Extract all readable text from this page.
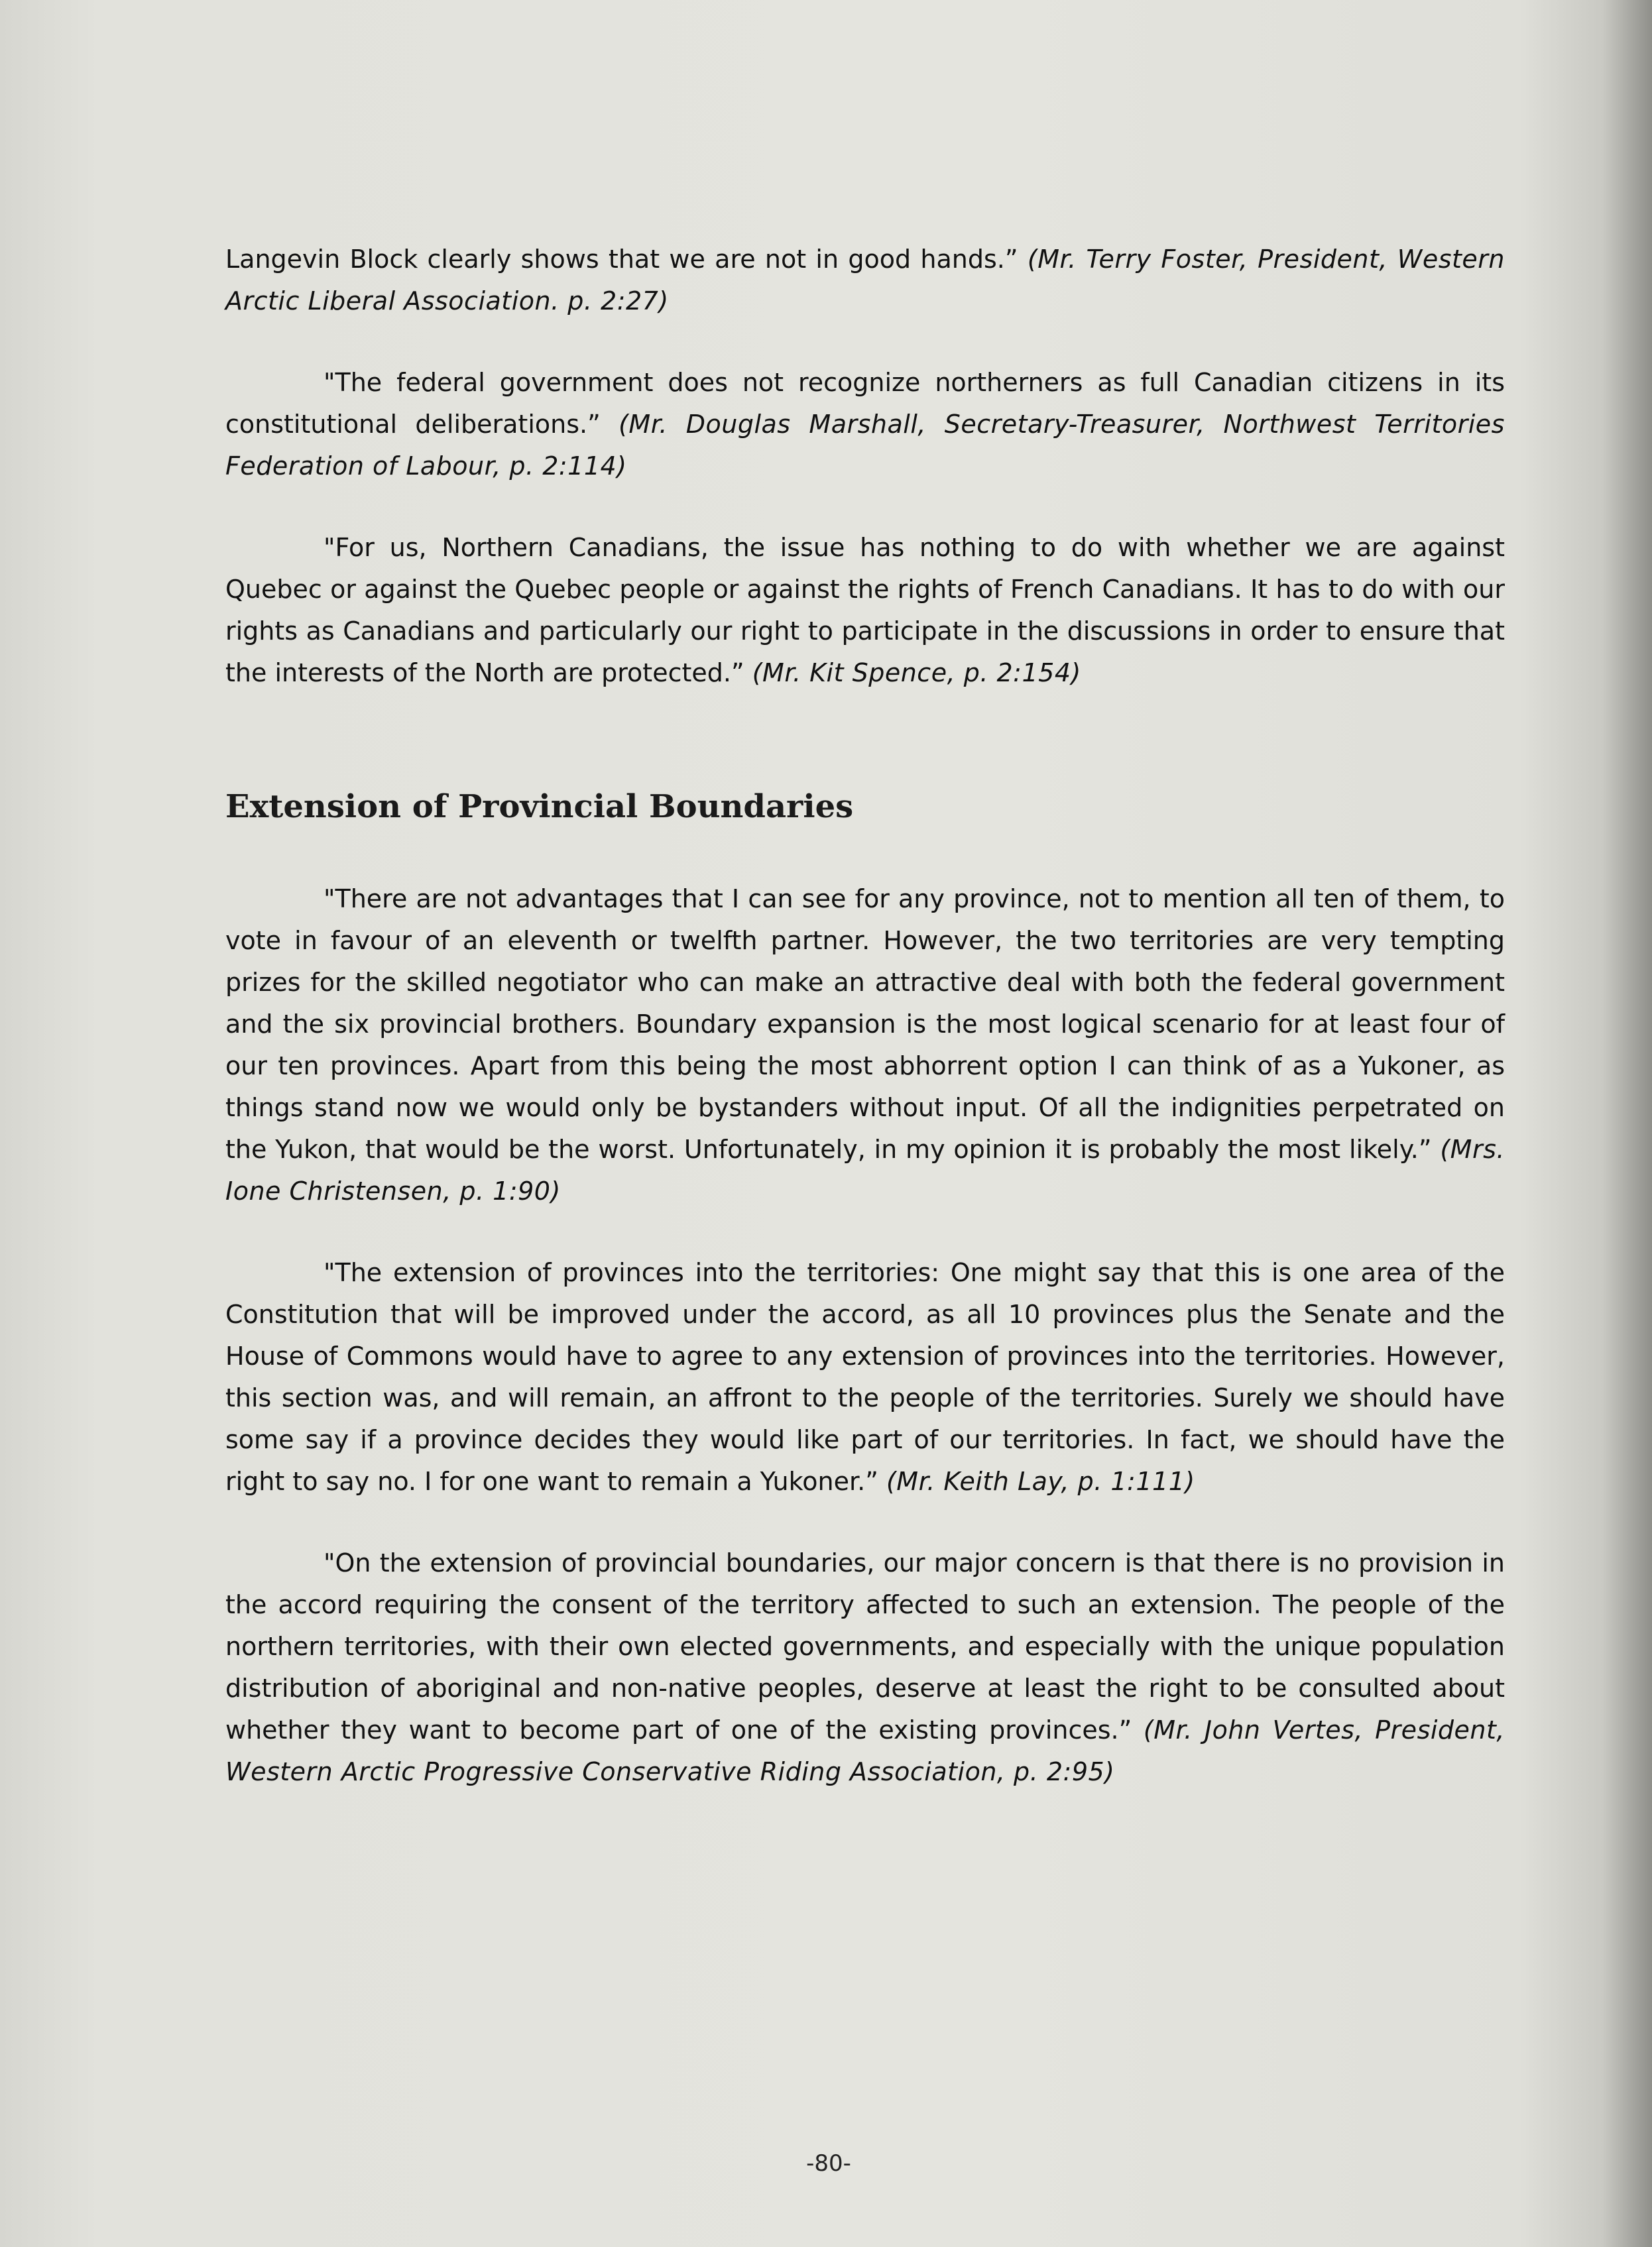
Langevin Block clearly shows that we are not in good hands.” (Mr. Terry Foster, President, Western Arctic Liberal Association. p. 2:27)

"The federal government does not recognize northerners as full Canadian citizens in its constitutional deliberations.” (Mr. Douglas Marshall, Secretary-Treasurer, Northwest Territories Federation of Labour, p. 2:114)

"For us, Northern Canadians, the issue has nothing to do with whether we are against Quebec or against the Quebec people or against the rights of French Canadians. It has to do with our rights as Canadians and particularly our right to participate in the discussions in order to ensure that the interests of the North are protected.” (Mr. Kit Spence, p. 2:154)

Extension of Provincial Boundaries

"There are not advantages that I can see for any province, not to mention all ten of them, to vote in favour of an eleventh or twelfth partner. However, the two territories are very tempting prizes for the skilled negotiator who can make an attractive deal with both the federal government and the six provincial brothers. Boundary expansion is the most logical scenario for at least four of our ten provinces. Apart from this being the most abhorrent option I can think of as a Yukoner, as things stand now we would only be bystanders without input. Of all the indignities perpetrated on the Yukon, that would be the worst. Unfortunately, in my opinion it is probably the most likely.” (Mrs. Ione Christensen, p. 1:90)

"The extension of provinces into the territories: One might say that this is one area of the Constitution that will be improved under the accord, as all 10 provinces plus the Senate and the House of Commons would have to agree to any extension of provinces into the territories. However, this section was, and will remain, an affront to the people of the territories. Surely we should have some say if a province decides they would like part of our territories. In fact, we should have the right to say no. I for one want to remain a Yukoner.” (Mr. Keith Lay, p. 1:111)

"On the extension of provincial boundaries, our major concern is that there is no provision in the accord requiring the consent of the territory affected to such an extension. The people of the northern territories, with their own elected governments, and especially with the unique population distribution of aboriginal and non-native peoples, deserve at least the right to be consulted about whether they want to become part of one of the existing provinces.” (Mr. John Vertes, President, Western Arctic Progressive Conservative Riding Association, p. 2:95)

-80-
